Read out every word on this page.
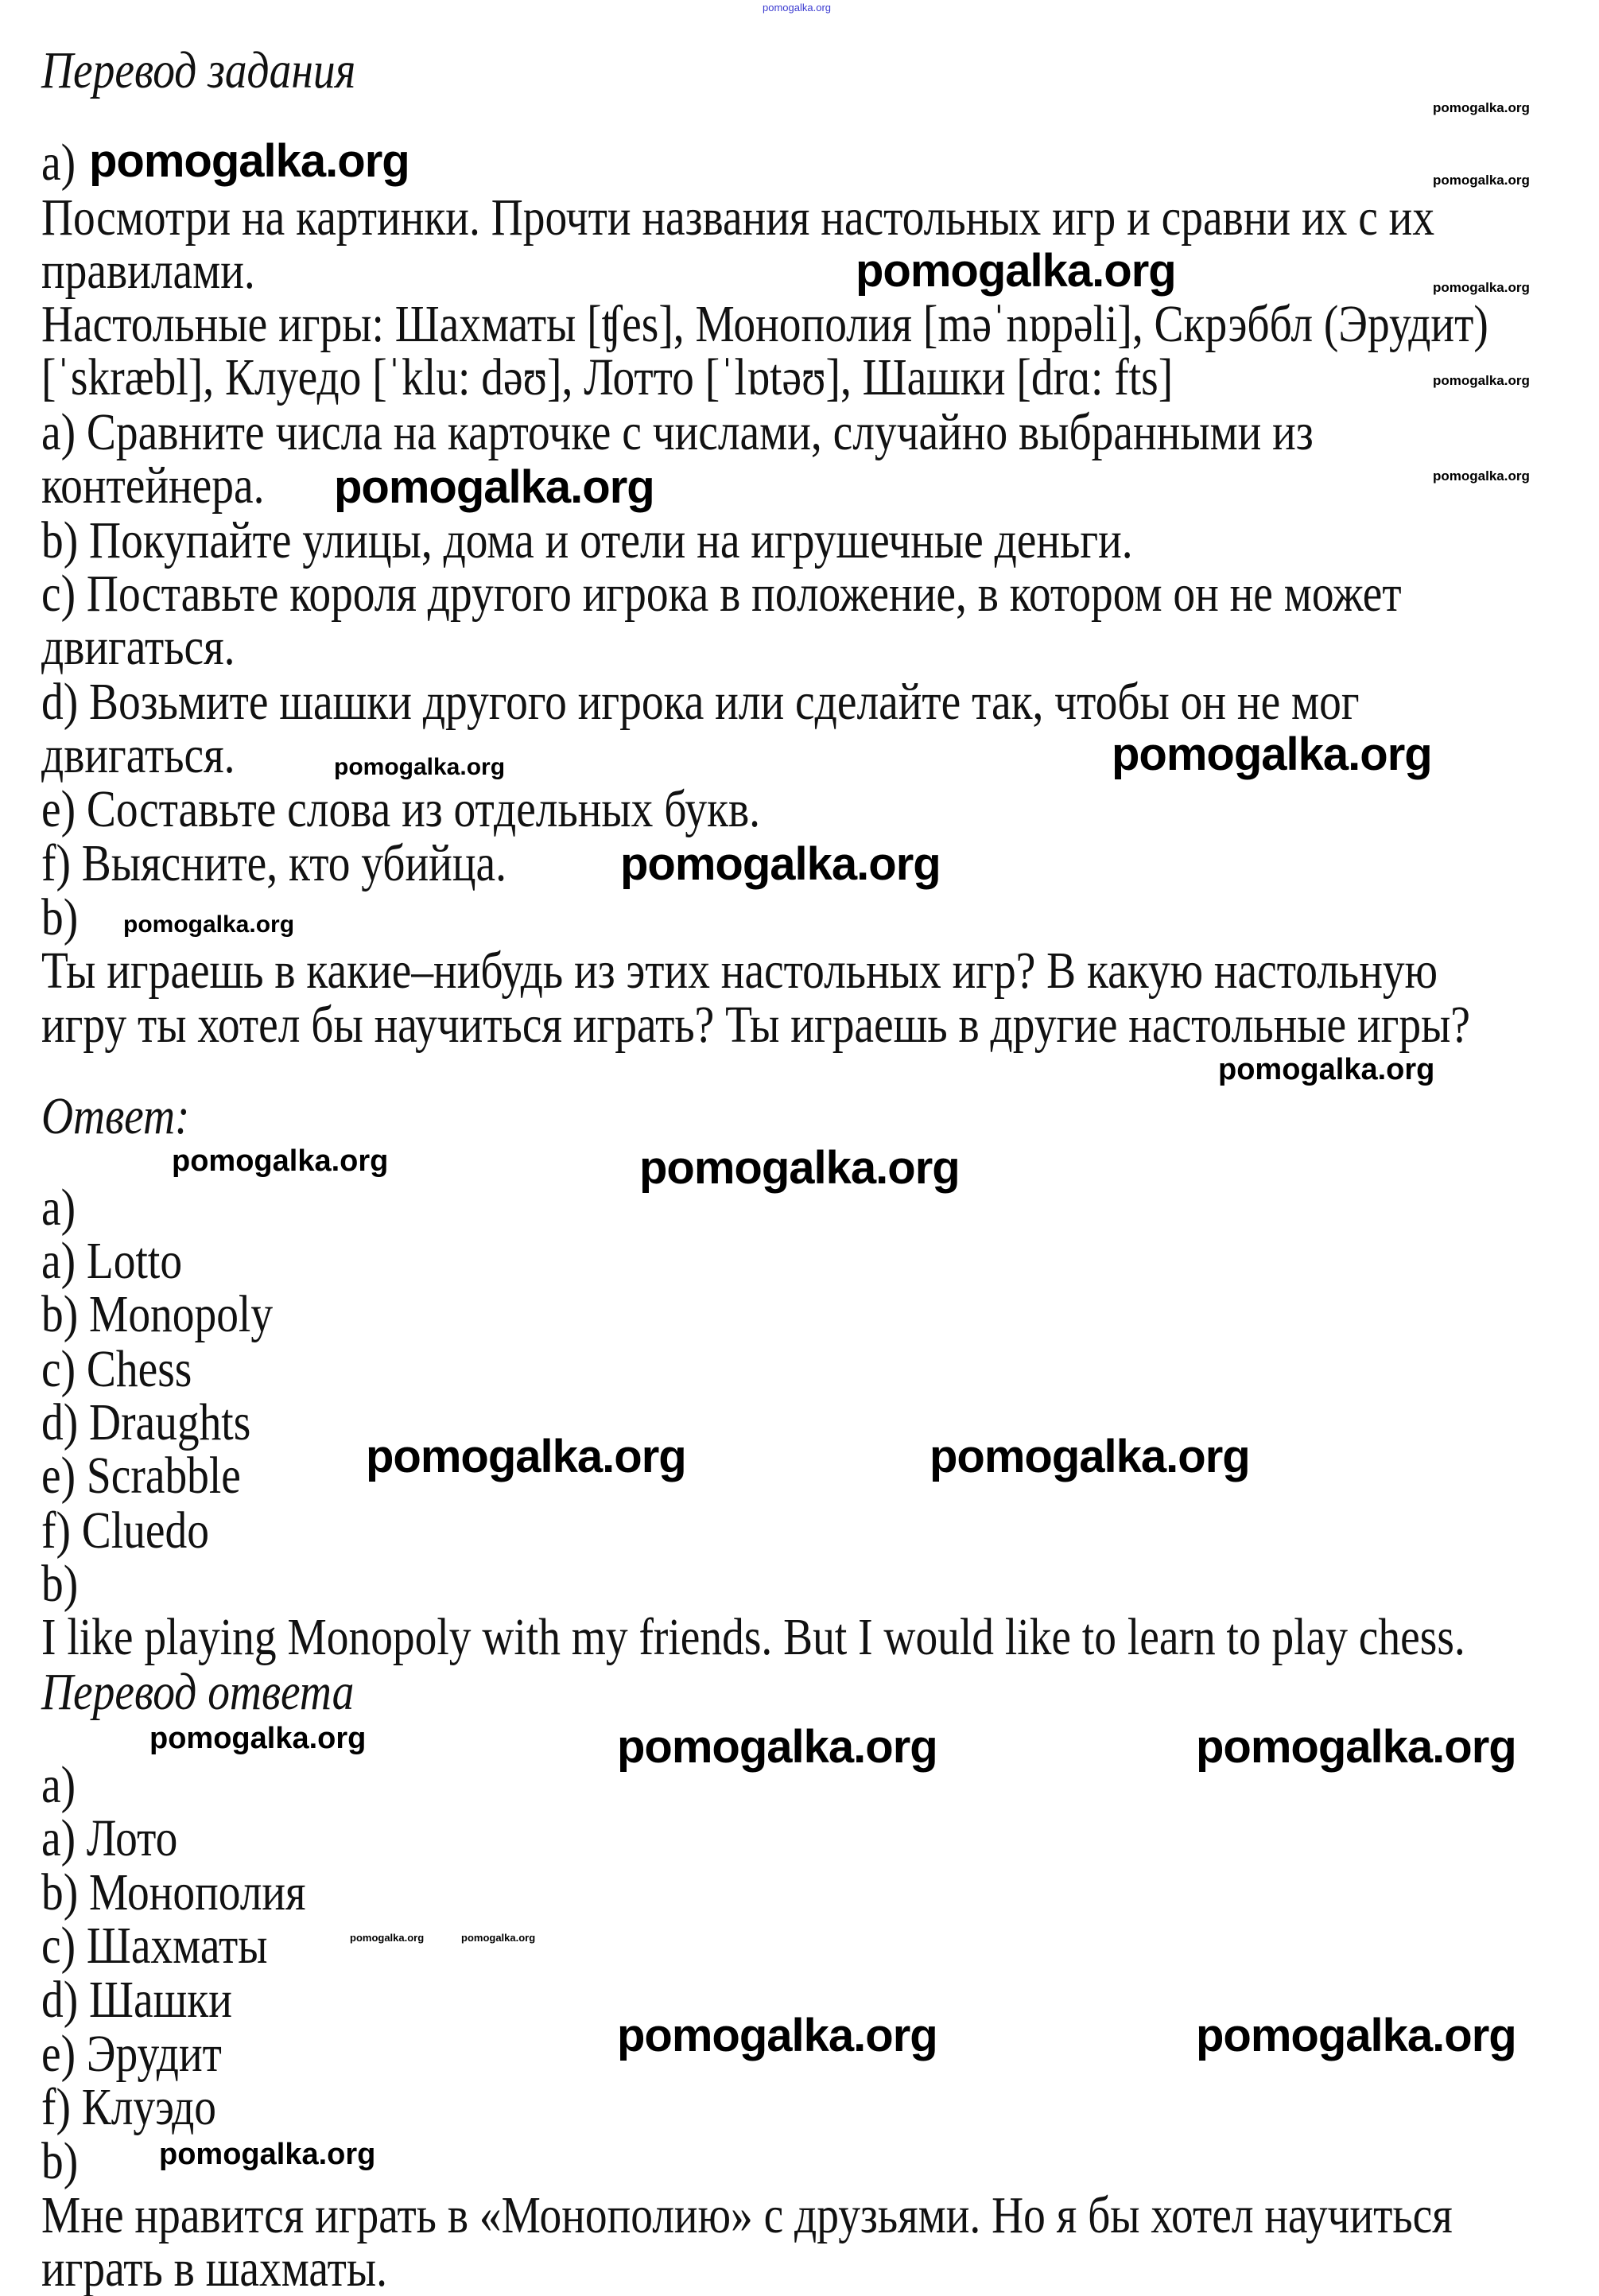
Перевод задания
a)
Посмотри на картинки. Прочти названия настольных игр и сравни их с их
правилами.
Настольные игры: Шахматы [ʧes], Монополия [məˈnɒpəli], Скрэббл (Эрудит)
[ˈskræbl], Клуедо [ˈklu: dəʊ], Лотто [ˈlɒtəʊ], Шашки [drɑ: fts]
a) Сравните числа на карточке с числами, случайно выбранными из
контейнера.
b) Покупайте улицы, дома и отели на игрушечные деньги.
c) Поставьте короля другого игрока в положение, в котором он не может
двигаться.
d) Возьмите шашки другого игрока или сделайте так, чтобы он не мог
двигаться.
e) Составьте слова из отдельных букв.
f) Выясните, кто убийца.
b)
Ты играешь в какие–нибудь из этих настольных игр? В какую настольную
игру ты хотел бы научиться играть? Ты играешь в другие настольные игры?
Ответ:
a)
a) Lotto
b) Monopoly
c) Chess
d) Draughts
e) Scrabble
f) Cluedo
b)
I like playing Monopoly with my friends. But I would like to learn to play chess.
Перевод ответа
a)
a) Лото
b) Монополия
c) Шахматы
d) Шашки
e) Эрудит
f) Клуэдо
b)
Мне нравится играть в «Монополию» с друзьями. Но я бы хотел научиться
играть в шахматы.
pomogalka.org
pomogalka.org
pomogalka.org	pomogalka.org
pomogalka.org	pomogalka.org
pomogalka.org
pomogalka.org
pomogalka.org
pomogalka.org
pomogalka.org
pomogalka.org
pomogalka.org
pomogalka.org
pomogalka.org	pomogalka.org
pomogalka.org	pomogalka.org
pomogalka.org	pomogalka.org	pomogalka.org
pomogalka.org	pomogalka.org
pomogalka.org	pomogalka.org
pomogalka.org
